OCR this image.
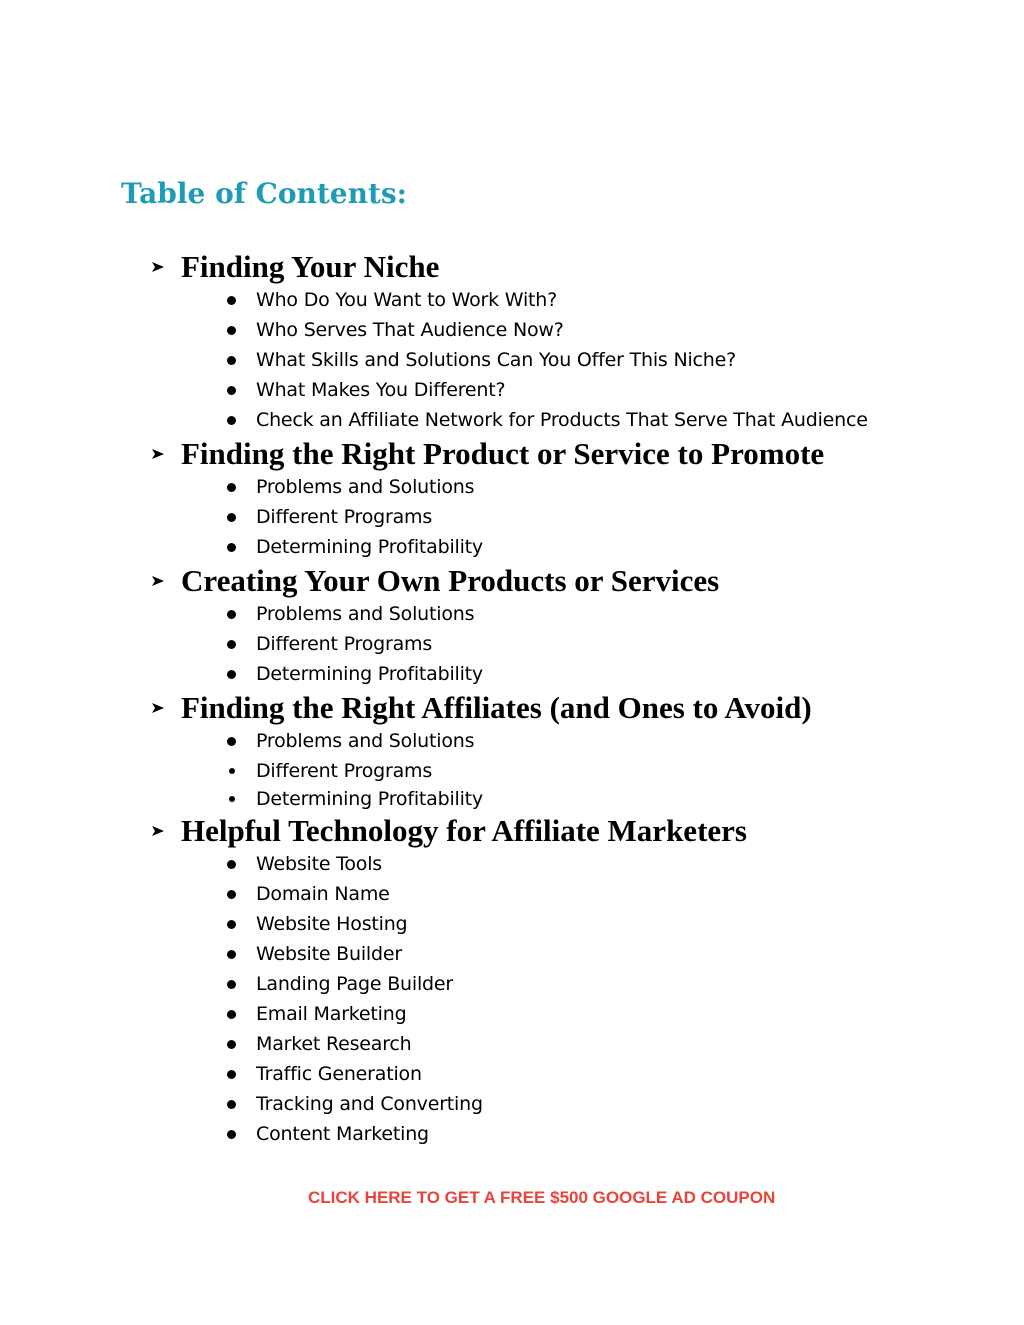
Table of Contents:
Finding Your Niche
Who Do You Want to Work With?
Who Serves That Audience Now?
What Skills and Solutions Can You Offer This Niche?
What Makes You Different?
Check an Affiliate Network for Products That Serve That Audience
Finding the Right Product or Service to Promote
Problems and Solutions
Different Programs
Determining Profitability
Creating Your Own Products or Services
Problems and Solutions
Different Programs
Determining Profitability
Finding the Right Affiliates (and Ones to Avoid)
Problems and Solutions
Different Programs
Determining Profitability
Helpful Technology for Affiliate Marketers
Website Tools
Domain Name
Website Hosting
Website Builder
Landing Page Builder
Email Marketing
Market Research
Traffic Generation
Tracking and Converting
Content Marketing
CLICK HERE TO GET A FREE $500 GOOGLE AD COUPON
